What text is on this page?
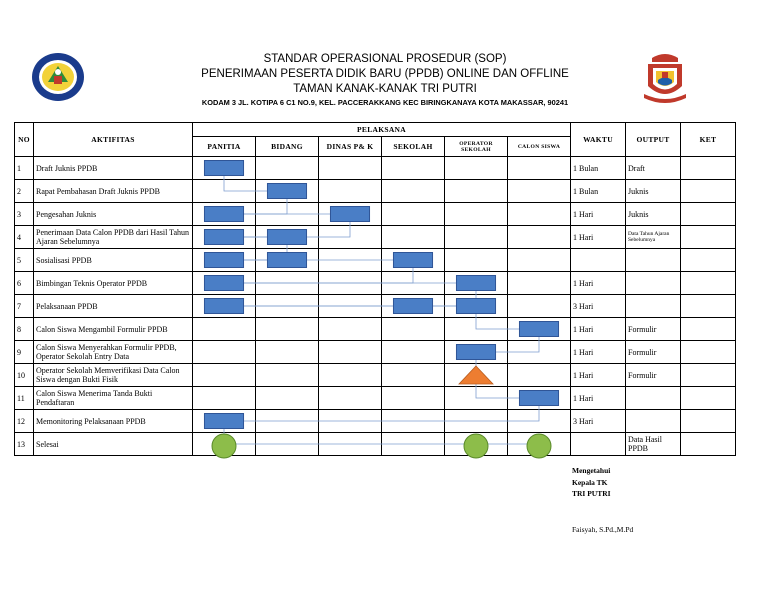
STANDAR OPERASIONAL PROSEDUR (SOP)
PENERIMAAN PESERTA DIDIK BARU (PPDB) ONLINE DAN OFFLINE
TAMAN KANAK-KANAK TRI PUTRI
KODAM 3 JL. KOTIPA 6 C1 NO.9, KEL. PACCERAKKANG KEC BIRINGKANAYA KOTA MAKASSAR, 90241
NO	AKTIFITAS	PELAKSANA						WAKTU	OUTPUT	KET
		PANITIA	BIDANG	DINAS P& K	SEKOLAH	OPERATOR SEKOLAH	CALON SISWA			
1	Draft Juknis PPDB							1 Bulan	Draft	
2	Rapat Pembahasan Draft Juknis PPDB							1 Bulan	Juknis	
3	Pengesahan Juknis							1 Hari	Juknis	
4	Penerimaan Data Calon PPDB dari Hasil Tahun Ajaran Sebelumnya							1 Hari	Data Tahun Ajaran Sebelumnya	
5	Sosialisasi PPDB									
6	Bimbingan Teknis Operator PPDB							1 Hari		
7	Pelaksanaan PPDB							3 Hari		
8	Calon Siswa Mengambil Formulir PPDB							1 Hari	Formulir	
9	Calon Siswa Menyerahkan Formulir PPDB, Operator Sekolah Entry Data							1 Hari	Formulir	
10	Operator Sekolah Memverifikasi Data Calon Siswa dengan Bukti Fisik							1 Hari	Formulir	
11	Calon Siswa Menerima Tanda Bukti Pendaftaran							1 Hari		
12	Memonitoring Pelaksanaan PPDB							3 Hari		
13	Selesai								Data Hasil PPDB	
Mengetahui
Kepala TK
TRI PUTRI
Faisyah, S.Pd.,M.Pd
